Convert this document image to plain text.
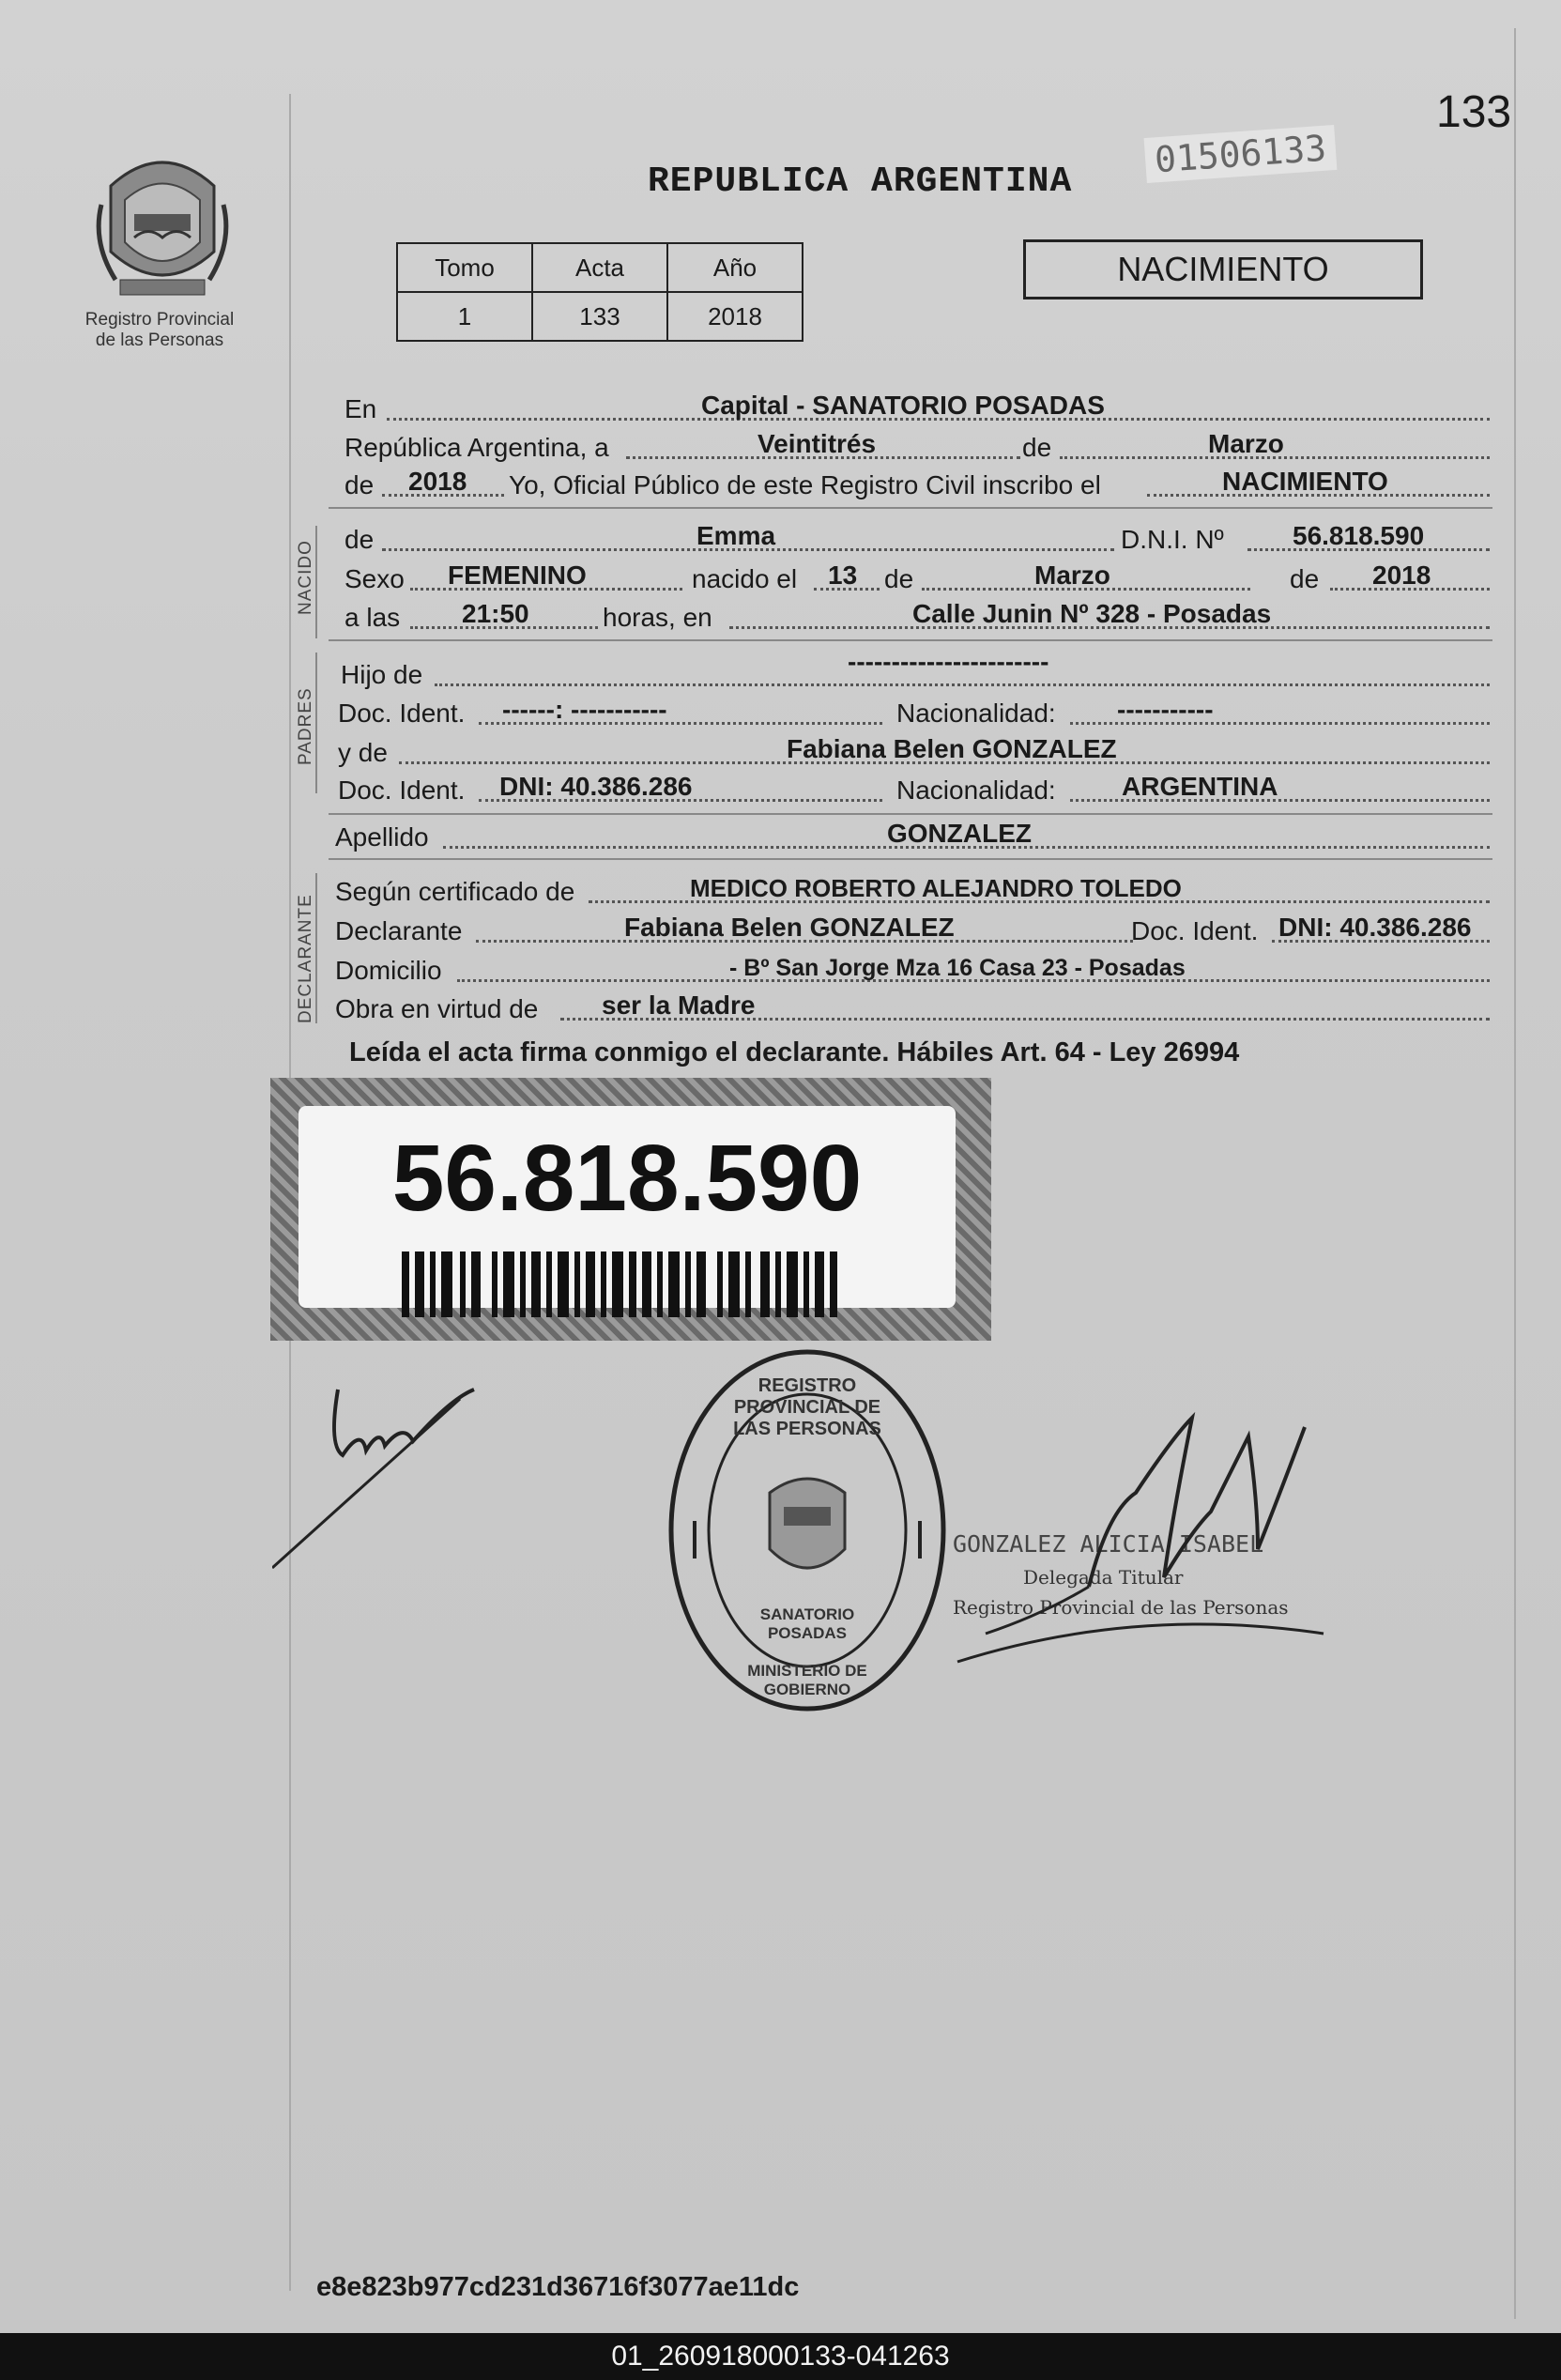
133
Registro Provincial
de las Personas
REPUBLICA ARGENTINA
01506133
Tomo	Acta	Año
1	133	2018
NACIMIENTO
NACIDO
PADRES
DECLARANTE
En	Capital - SANATORIO POSADAS
República Argentina, a	Veintitrés	de	Marzo
de 2018 Yo, Oficial Público de este Registro Civil inscribo el	NACIMIENTO
de	Emma	D.N.I. Nº	56.818.590
Sexo FEMENINO	nacido el 13 de	Marzo	de 2018
a las 21:50	horas, en	Calle Junin Nº 328 - Posadas
Hijo de	-----------------------
Doc. Ident. ------: -----------	Nacionalidad: -----------
y de	Fabiana Belen GONZALEZ
Doc. Ident. DNI: 40.386.286	Nacionalidad:	ARGENTINA
Apellido	GONZALEZ
Según certificado de	MEDICO ROBERTO ALEJANDRO TOLEDO
Declarante	Fabiana Belen GONZALEZ	Doc. Ident. DNI: 40.386.286
Domicilio	- Bº San Jorge Mza 16 Casa 23 - Posadas
Obra en virtud de ser la Madre
Leída el acta firma conmigo el declarante. Hábiles Art. 64 - Ley 26994
56.818.590
REGISTRO PROVINCIAL DE LAS PERSONAS
SANATORIO POSADAS
MINISTERIO DE GOBIERNO
GONZALEZ ALICIA ISABEL
Delegada Titular
Registro Provincial de las Personas
e8e823b977cd231d36716f3077ae11dc
01_260918000133-041263
